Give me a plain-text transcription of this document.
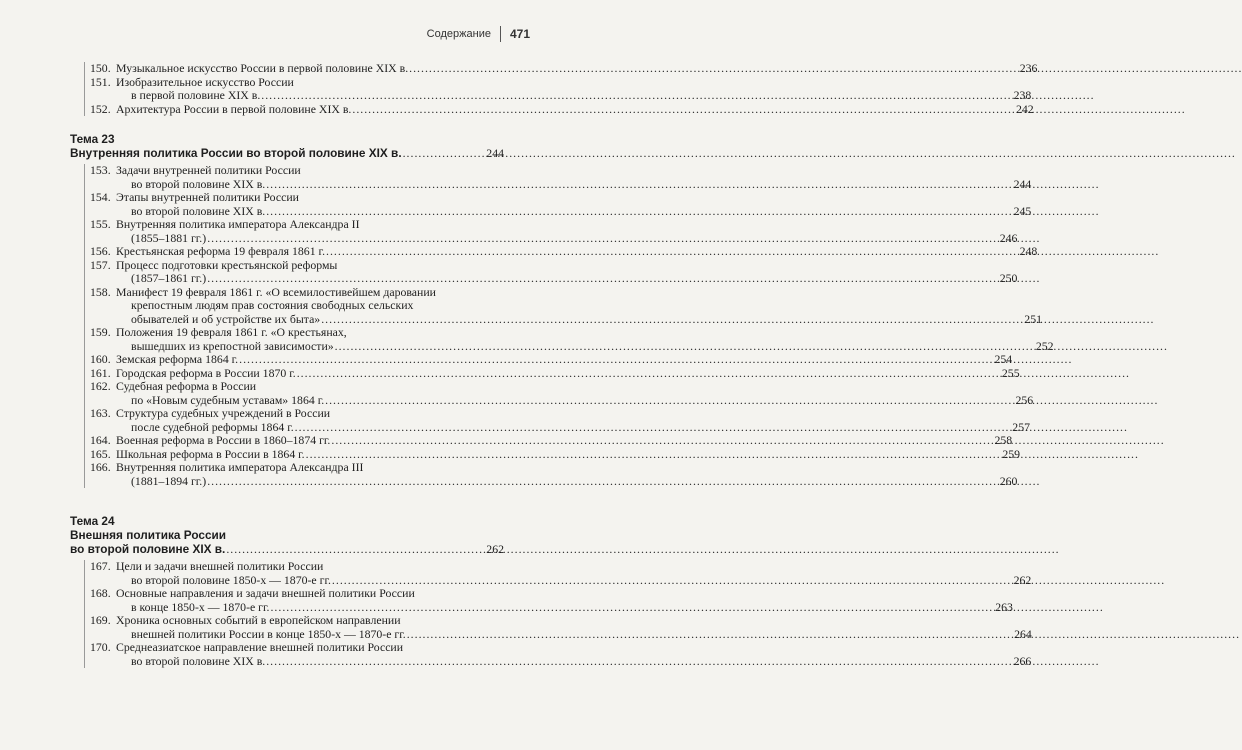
Содержание 471
150. Музыкальное искусство России в первой половине XIX в. .....	236
151. Изобразительное искусство России
в первой половине XIX в. .....	238
152. Архитектура России в первой половине XIX в. .....	242
Тема 23
Внутренняя политика России во второй половине XIX в. .....	244
153. Задачи внутренней политики России
во второй половине XIX в. .....	244
154. Этапы внутренней политики России
во второй половине XIX в. .....	245
155. Внутренняя политика императора Александра II
(1855–1881 гг.) .....	246
156. Крестьянская реформа 19 февраля 1861 г. .....	248
157. Процесс подготовки крестьянской реформы
(1857–1861 гг.) .....	250
158. Манифест 19 февраля 1861 г. «О всемилостивейшем даровании
крепостным людям прав состояния свободных сельских
обывателей и об устройстве их быта» .....	251
159. Положения 19 февраля 1861 г. «О крестьянах,
вышедших из крепостной зависимости» .....	252
160. Земская реформа 1864 г. .....	254
161. Городская реформа в России 1870 г. .....	255
162. Судебная реформа в России
по «Новым судебным уставам» 1864 г. .....	256
163. Структура судебных учреждений в России
после судебной реформы 1864 г. .....	257
164. Военная реформа в России в 1860–1874 гг. .....	258
165. Школьная реформа в России в 1864 г. .....	259
166. Внутренняя политика императора Александра III
(1881–1894 гг.) .....	260
Тема 24
Внешняя политика России
во второй половине XIX в. .....	262
167. Цели и задачи внешней политики России
во второй половине 1850-х — 1870-е гг. .....	262
168. Основные направления и задачи внешней политики России
в конце 1850-х — 1870-е гг. .....	263
169. Хроника основных событий в европейском направлении
внешней политики России в конце 1850-х — 1870-е гг. .....	264
170. Среднеазиатское направление внешней политики России
во второй половине XIX в. .....	266
